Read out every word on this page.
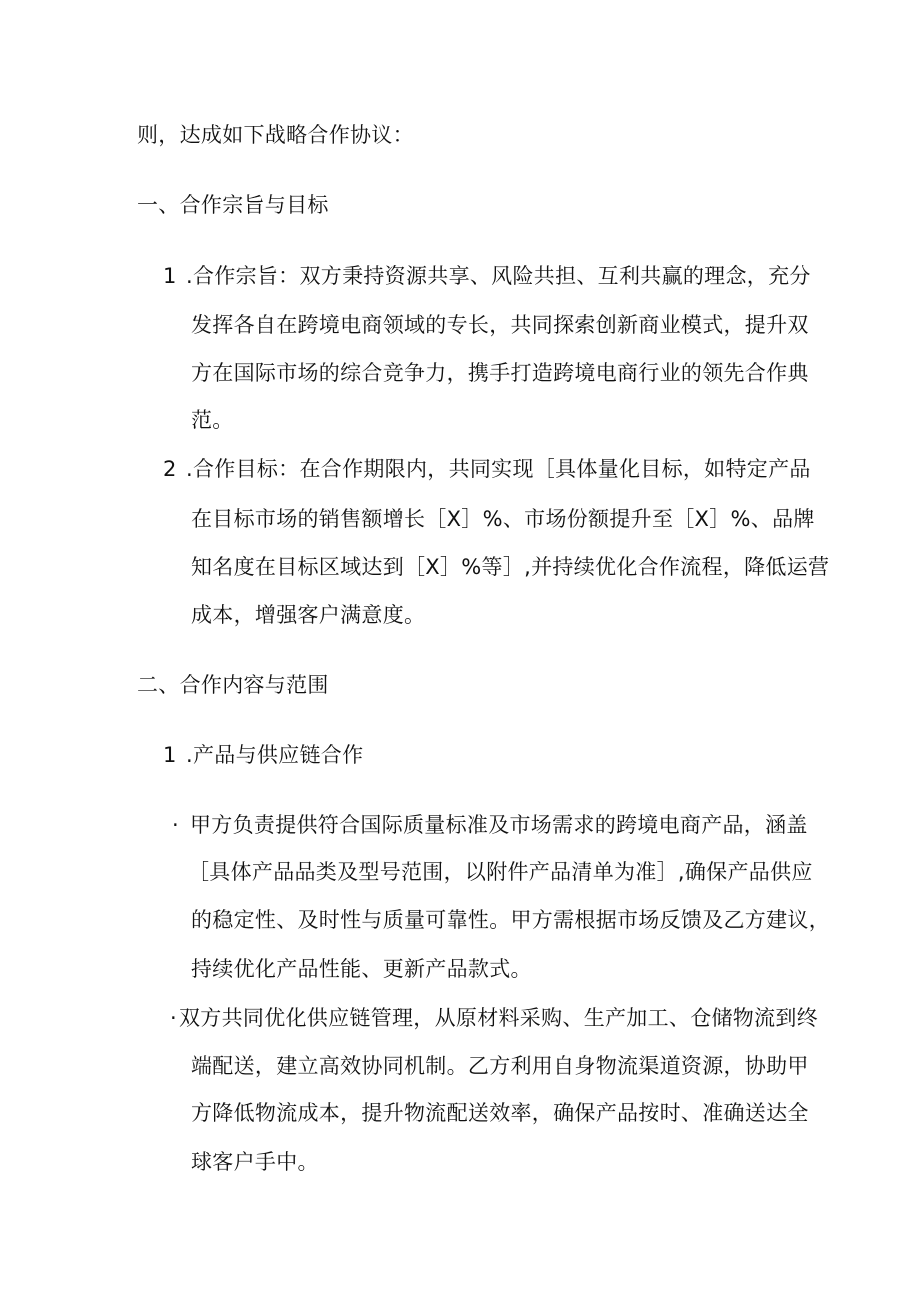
则，达成如下战略合作协议：
一、合作宗旨与目标
1 .合作宗旨：双方秉持资源共享、风险共担、互利共赢的理念，充分
发挥各自在跨境电商领域的专长，共同探索创新商业模式，提升双
方在国际市场的综合竞争力，携手打造跨境电商行业的领先合作典
范。
2 .合作目标：在合作期限内，共同实现［具体量化目标，如特定产品
在目标市场的销售额增长［X］%、市场份额提升至［X］%、品牌
知名度在目标区域达到［X］%等］,并持续优化合作流程，降低运营
成本，增强客户满意度。
二、合作内容与范围
1 .产品与供应链合作
· 甲方负责提供符合国际质量标准及市场需求的跨境电商产品，涵盖
［具体产品品类及型号范围，以附件产品清单为准］,确保产品供应
的稳定性、及时性与质量可靠性。甲方需根据市场反馈及乙方建议，
持续优化产品性能、更新产品款式。
· 双方共同优化供应链管理，从原材料采购、生产加工、仓储物流到终
端配送，建立高效协同机制。乙方利用自身物流渠道资源，协助甲
方降低物流成本，提升物流配送效率，确保产品按时、准确送达全
球客户手中。
